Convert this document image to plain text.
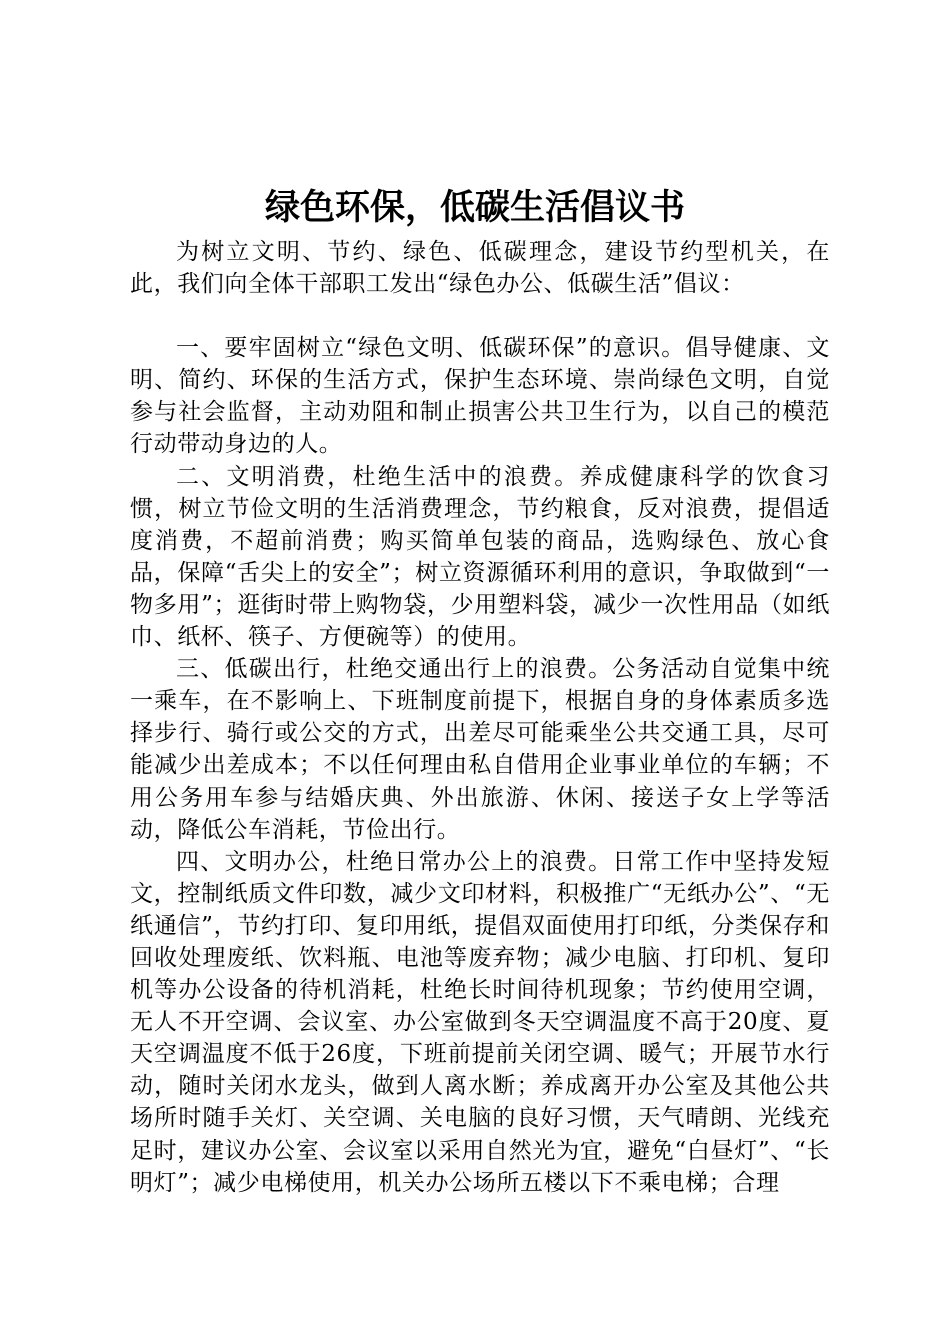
绿色环保，低碳生活倡议书

为树立文明、节约、绿色、低碳理念，建设节约型机关，在此，我们向全体干部职工发出“绿色办公、低碳生活”倡议：

一、要牢固树立“绿色文明、低碳环保”的意识。倡导健康、文明、简约、环保的生活方式，保护生态环境、崇尚绿色文明，自觉参与社会监督，主动劝阻和制止损害公共卫生行为，以自己的模范行动带动身边的人。

二、文明消费，杜绝生活中的浪费。养成健康科学的饮食习惯，树立节俭文明的生活消费理念，节约粮食，反对浪费，提倡适度消费，不超前消费；购买简单包装的商品，选购绿色、放心食品，保障“舌尖上的安全”；树立资源循环利用的意识，争取做到“一物多用”；逛街时带上购物袋，少用塑料袋，减少一次性用品（如纸巾、纸杯、筷子、方便碗等）的使用。

三、低碳出行，杜绝交通出行上的浪费。公务活动自觉集中统一乘车，在不影响上、下班制度前提下，根据自身的身体素质多选择步行、骑行或公交的方式，出差尽可能乘坐公共交通工具，尽可能减少出差成本；不以任何理由私自借用企业事业单位的车辆；不用公务用车参与结婚庆典、外出旅游、休闲、接送子女上学等活动，降低公车消耗，节俭出行。

四、文明办公，杜绝日常办公上的浪费。日常工作中坚持发短文，控制纸质文件印数，减少文印材料，积极推广“无纸办公”、“无纸通信”，节约打印、复印用纸，提倡双面使用打印纸，分类保存和回收处理废纸、饮料瓶、电池等废弃物；减少电脑、打印机、复印机等办公设备的待机消耗，杜绝长时间待机现象；节约使用空调，无人不开空调、会议室、办公室做到冬天空调温度不高于20度、夏天空调温度不低于26度，下班前提前关闭空调、暖气；开展节水行动，随时关闭水龙头，做到人离水断；养成离开办公室及其他公共场所时随手关灯、关空调、关电脑的良好习惯，天气晴朗、光线充足时，建议办公室、会议室以采用自然光为宜，避免“白昼灯”、“长明灯”；减少电梯使用，机关办公场所五楼以下不乘电梯；合理
